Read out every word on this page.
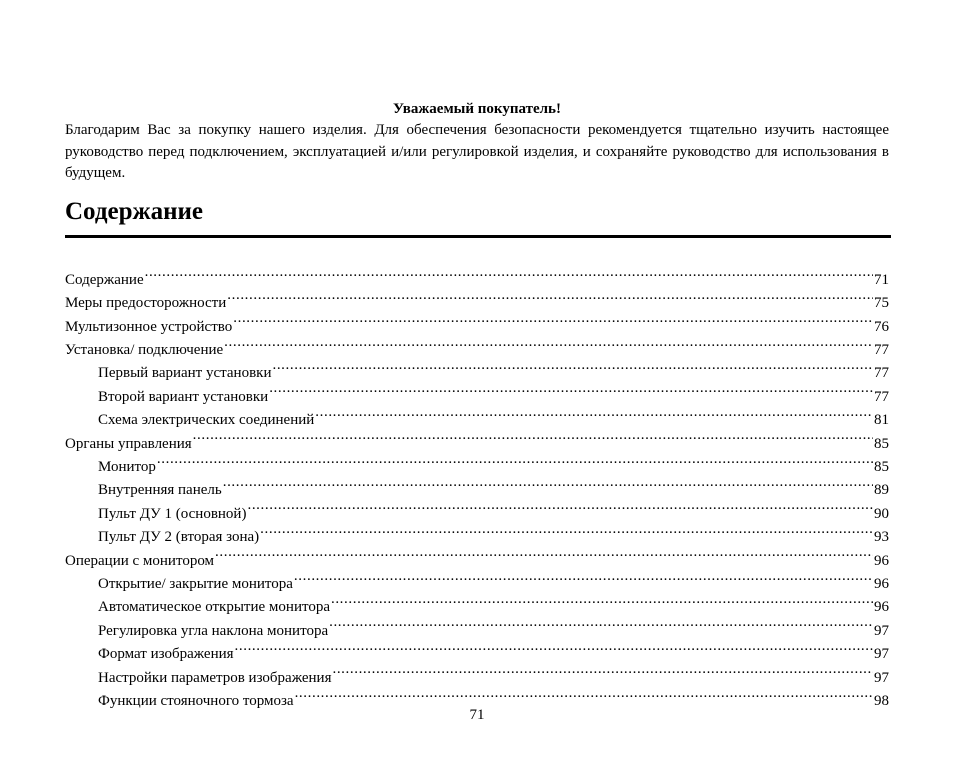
Уважаемый покупатель!

Благодарим Вас за покупку нашего изделия. Для обеспечения безопасности рекомендуется тщательно изучить настоящее руководство перед подключением, эксплуатацией и/или регулировкой изделия, и сохраняйте руководство для использования в будущем.

Содержание
Содержание .....	71
Меры предосторожности .....	75
Мультизонное устройство .....	76
Установка/ подключение .....	77
Первый вариант установки .....	77
Второй вариант установки .....	77
Схема электрических соединений .....	81
Органы управления .....	85
Монитор .....	85
Внутренняя панель .....	89
Пульт ДУ 1 (основной) .....	90
Пульт ДУ 2 (вторая зона) .....	93
Операции с монитором .....	96
Открытие/ закрытие монитора .....	96
Автоматическое открытие монитора .....	96
Регулировка угла наклона монитора .....	97
Формат изображения .....	97
Настройки параметров изображения .....	97
Функции стояночного тормоза .....	98
71
